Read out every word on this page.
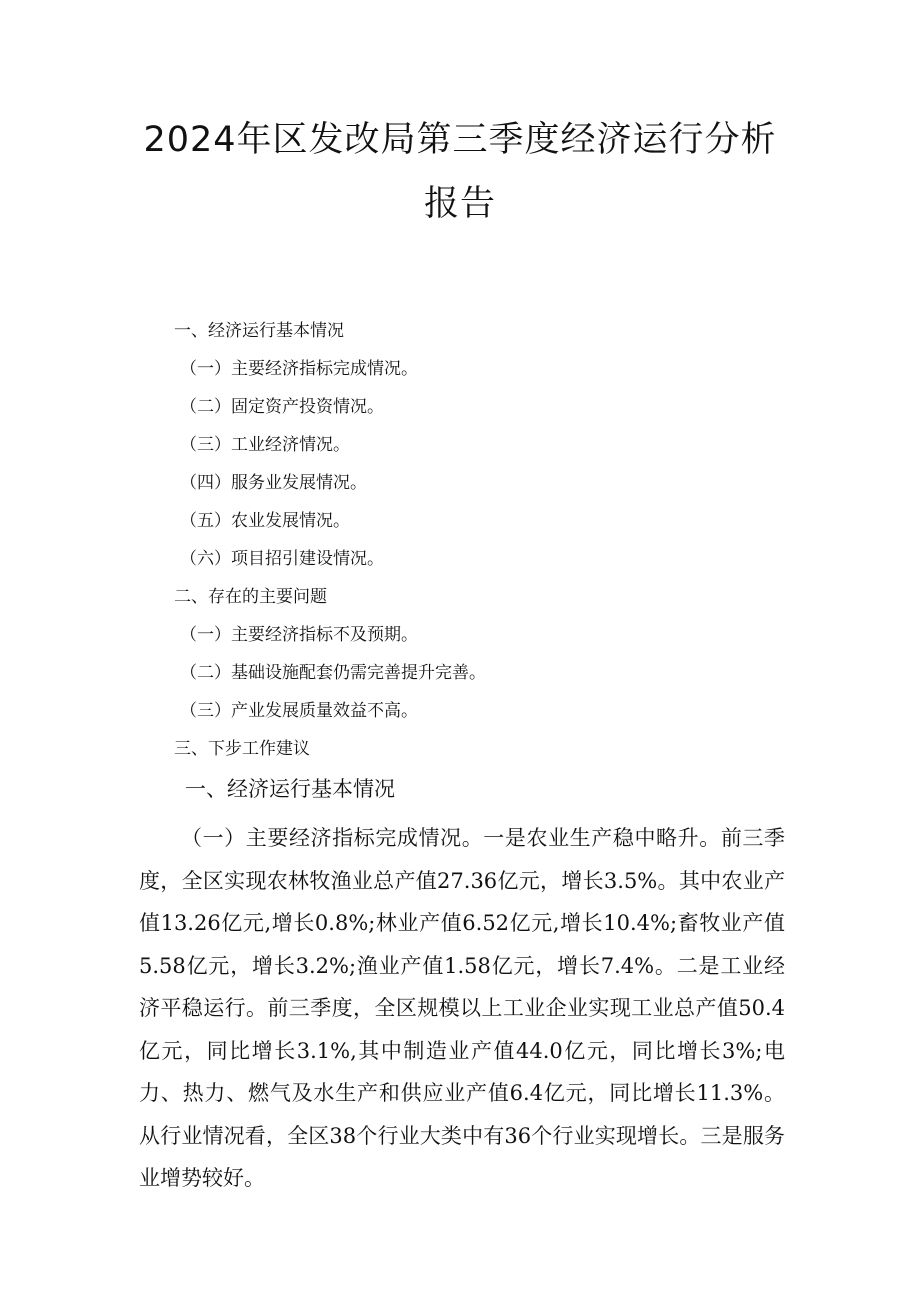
2024年区发改局第三季度经济运行分析报告
一、经济运行基本情况
（一）主要经济指标完成情况。
（二）固定资产投资情况。
（三）工业经济情况。
（四）服务业发展情况。
（五）农业发展情况。
（六）项目招引建设情况。
二、存在的主要问题
（一）主要经济指标不及预期。
（二）基础设施配套仍需完善提升完善。
（三）产业发展质量效益不高。
三、下步工作建议
一、经济运行基本情况
（一）主要经济指标完成情况。一是农业生产稳中略升。前三季度，全区实现农林牧渔业总产值27.36亿元，增长3.5%。其中农业产值13.26亿元,增长0.8%;林业产值6.52亿元,增长10.4%;畜牧业产值5.58亿元，增长3.2%;渔业产值1.58亿元，增长7.4%。二是工业经济平稳运行。前三季度，全区规模以上工业企业实现工业总产值50.4亿元，同比增长3.1%,其中制造业产值44.0亿元，同比增长3%;电力、热力、燃气及水生产和供应业产值6.4亿元，同比增长11.3%。从行业情况看，全区38个行业大类中有36个行业实现增长。三是服务业增势较好。
